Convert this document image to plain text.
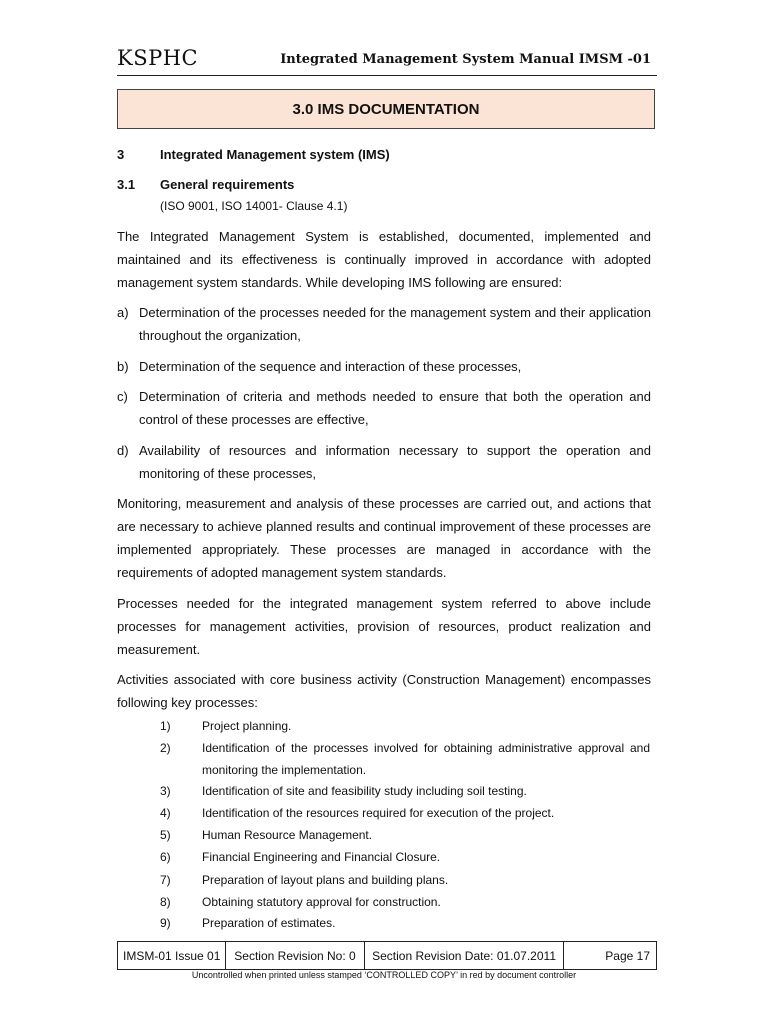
KSPHC	Integrated Management System Manual IMSM -01
3.0 IMS DOCUMENTATION
3	Integrated Management system (IMS)
3.1 General requirements
(ISO 9001, ISO 14001- Clause 4.1)
The Integrated Management System is established, documented, implemented and maintained and its effectiveness is continually improved in accordance with adopted management system standards. While developing IMS following are ensured:
a) Determination of the processes needed for the management system and their application throughout the organization,
b) Determination of the sequence and interaction of these processes,
c) Determination of criteria and methods needed to ensure that both the operation and control of these processes are effective,
d) Availability of resources and information necessary to support the operation and monitoring of these processes,
Monitoring, measurement and analysis of these processes are carried out, and actions that are necessary to achieve planned results and continual improvement of these processes are implemented appropriately. These processes are managed in accordance with the requirements of adopted management system standards.
Processes needed for the integrated management system referred to above include processes for management activities, provision of resources, product realization and measurement.
Activities associated with core business activity (Construction Management) encompasses following key processes:
1)	Project planning.
2)	Identification of the processes involved for obtaining administrative approval and monitoring the implementation.
3)	Identification of site and feasibility study including soil testing.
4)	Identification of the resources required for execution of the project.
5)	Human Resource Management.
6)	Financial Engineering and Financial Closure.
7)	Preparation of layout plans and building plans.
8)	Obtaining statutory approval for construction.
9)	Preparation of estimates.
IMSM-01 Issue 01	Section Revision No: 0	Section Revision Date: 01.07.2011	Page 17
Uncontrolled when printed unless stamped ‘CONTROLLED COPY’ in red by document controller
